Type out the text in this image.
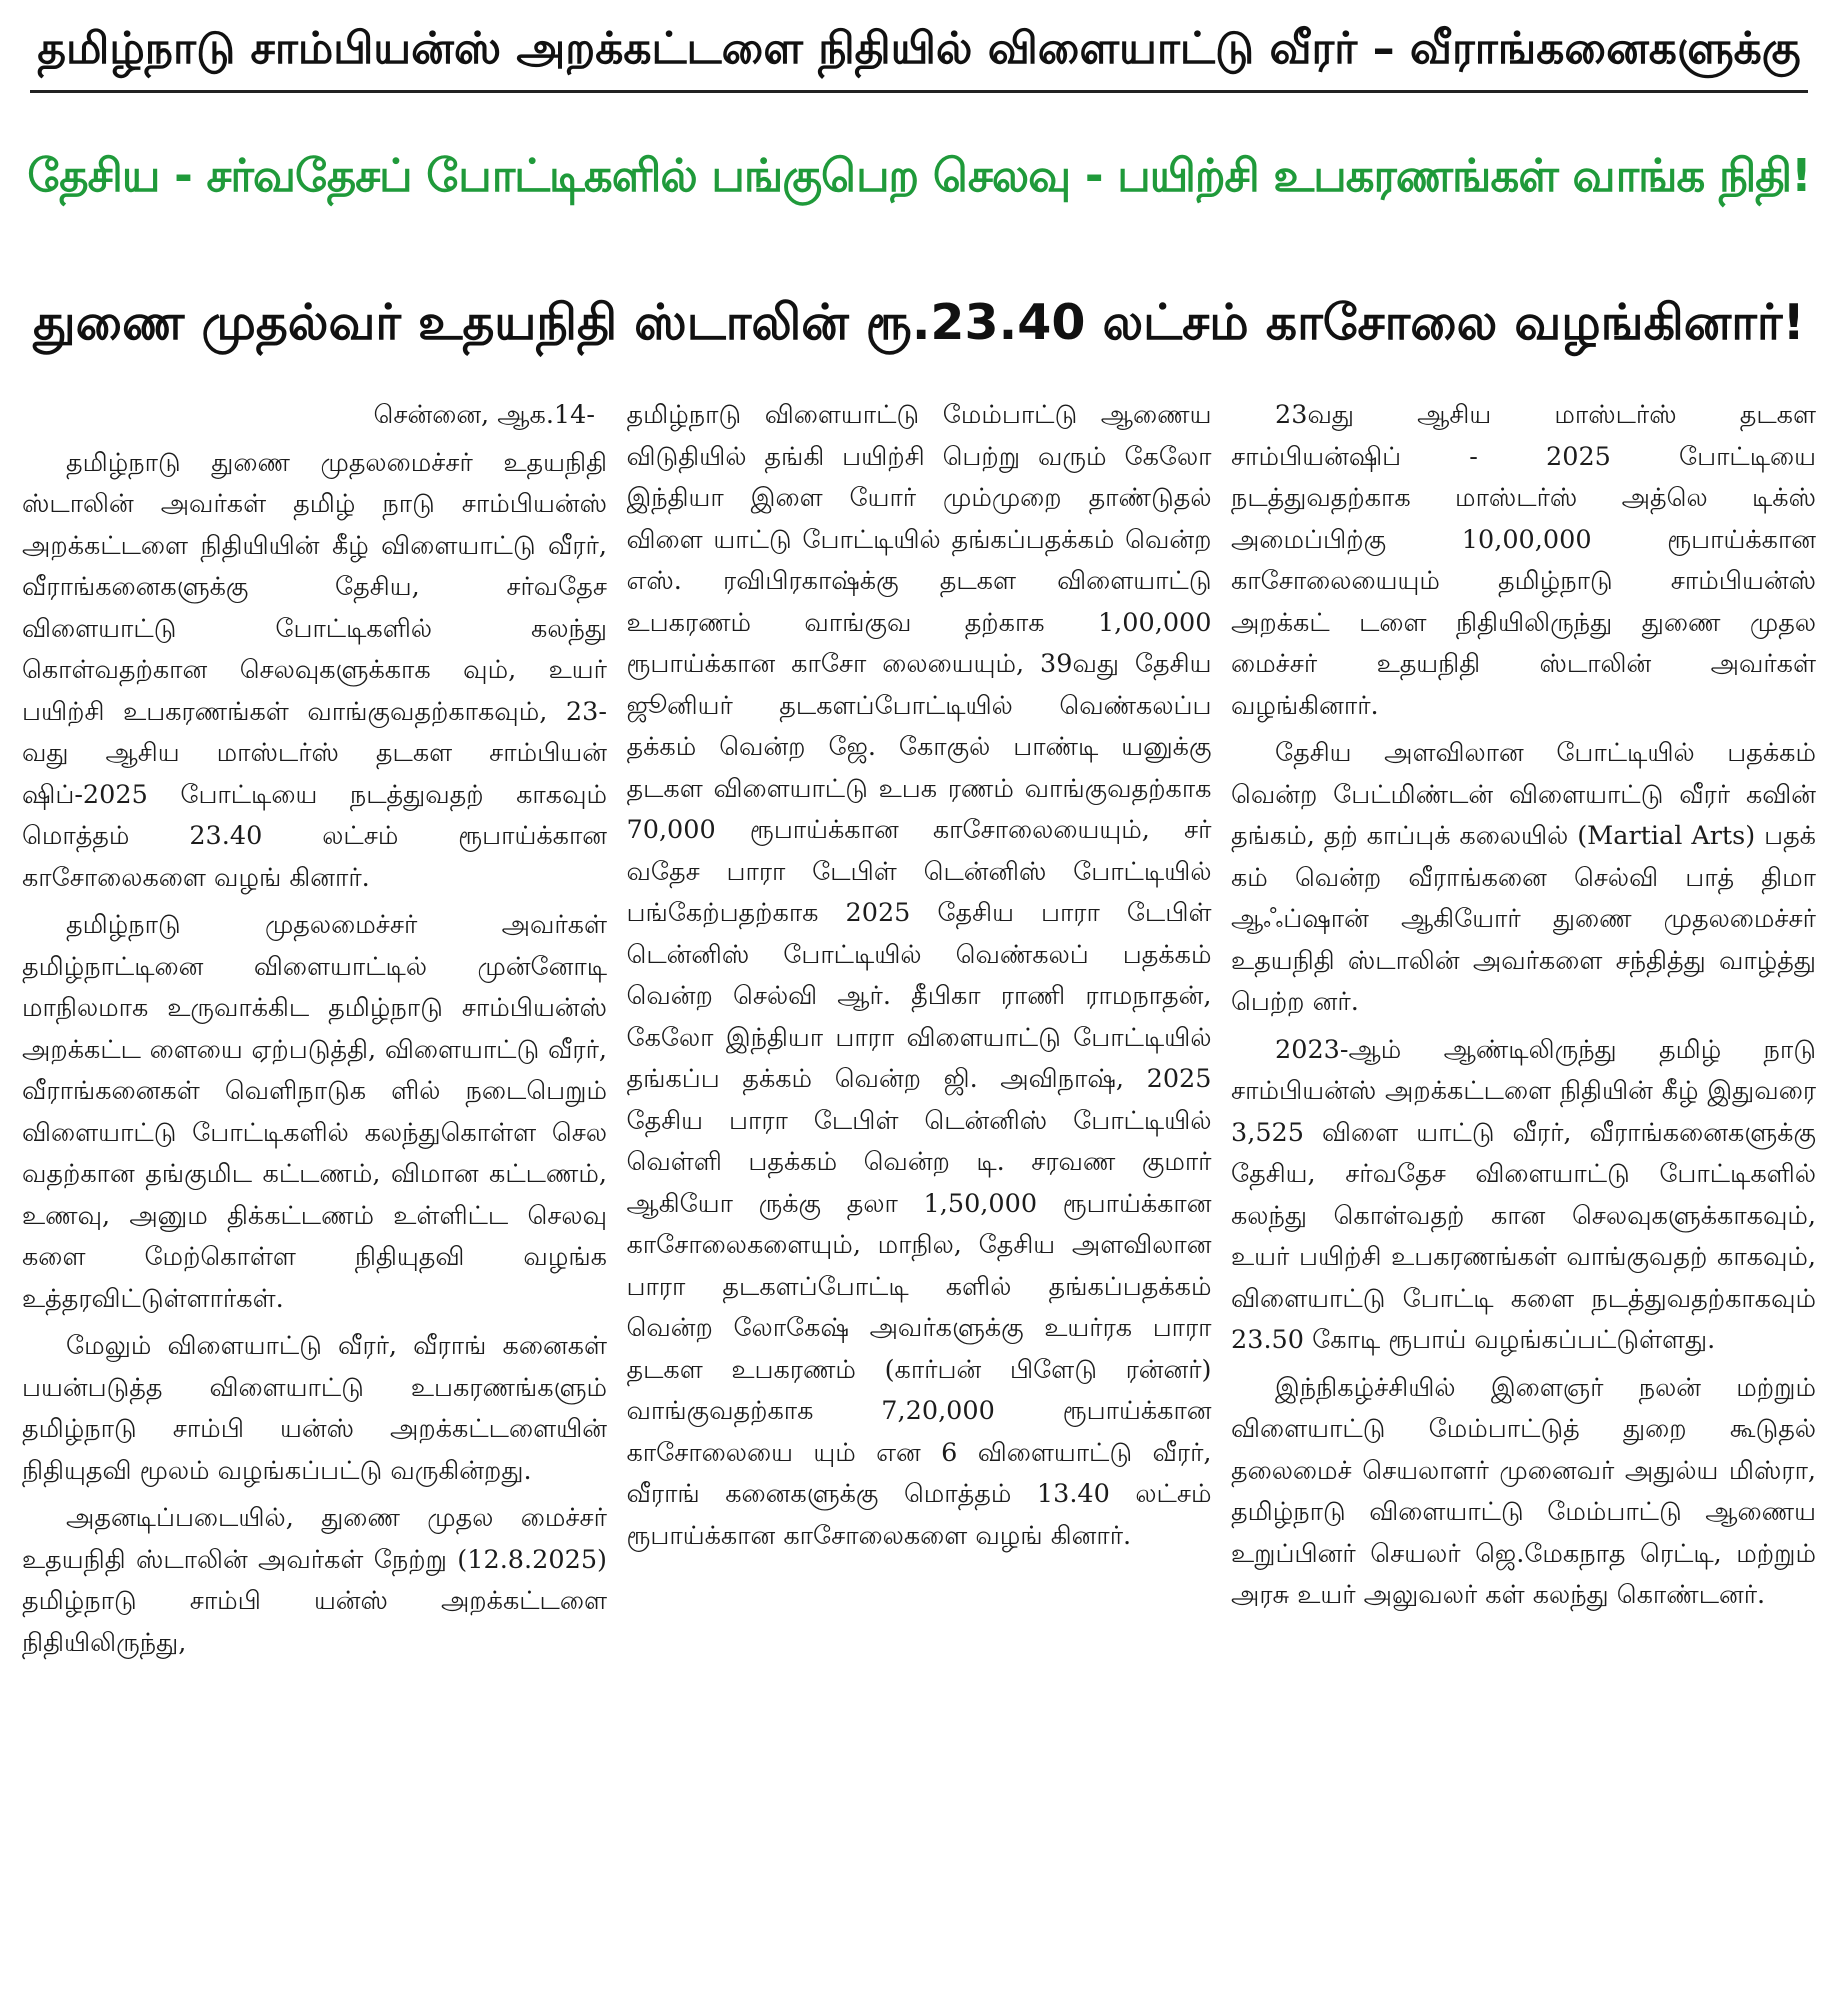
தமிழ்நாடு சாம்பியன்ஸ் அறக்கட்டளை நிதியில் விளையாட்டு வீரர் – வீராங்கனைகளுக்கு
தேசிய - சர்வதேசப் போட்டிகளில் பங்குபெற செலவு - பயிற்சி உபகரணங்கள் வாங்க நிதி!
துணை முதல்வர் உதயநிதி ஸ்டாலின் ரூ.23.40 லட்சம் காசோலை வழங்கினார்!

சென்னை, ஆக.14-

தமிழ்நாடு துணை முதலமைச்சர் உதயநிதி ஸ்டாலின் அவர்கள் தமிழ் நாடு சாம்பியன்ஸ் அறக்கட்டளை நிதியியின் கீழ் விளையாட்டு வீரர், வீராங்கனைகளுக்கு தேசிய, சர்வதேச விளையாட்டு போட்டிகளில் கலந்து கொள்வதற்கான செலவுகளுக்காக வும், உயர் பயிற்சி உபகரணங்கள் வாங்குவதற்காகவும், 23-வது ஆசிய மாஸ்டர்ஸ் தடகள சாம்பியன் ஷிப்-2025 போட்டியை நடத்துவதற் காகவும் மொத்தம் 23.40 லட்சம் ரூபாய்க்கான காசோலைகளை வழங் கினார்.

தமிழ்நாடு முதலமைச்சர் அவர்கள் தமிழ்நாட்டினை விளையாட்டில் முன்னோடி மாநிலமாக உருவாக்கிட தமிழ்நாடு சாம்பியன்ஸ் அறக்கட்ட ளையை ஏற்படுத்தி, விளையாட்டு வீரர், வீராங்கனைகள் வெளிநாடுக ளில் நடைபெறும் விளையாட்டு போட்டிகளில் கலந்துகொள்ள செல வதற்கான தங்குமிட கட்டணம், விமான கட்டணம், உணவு, அனும திக்கட்டணம் உள்ளிட்ட செலவு களை மேற்கொள்ள நிதியுதவி வழங்க உத்தரவிட்டுள்ளார்கள்.

மேலும் விளையாட்டு வீரர், வீராங் கனைகள் பயன்படுத்த விளையாட்டு உபகரணங்களும் தமிழ்நாடு சாம்பி யன்ஸ் அறக்கட்டளையின் நிதியுதவி மூலம் வழங்கப்பட்டு வருகின்றது.

அதனடிப்படையில், துணை முதல மைச்சர் உதயநிதி ஸ்டாலின் அவர்கள் நேற்று (12.8.2025) தமிழ்நாடு சாம்பி யன்ஸ் அறக்கட்டளை நிதியிலிருந்து,

தமிழ்நாடு விளையாட்டு மேம்பாட்டு ஆணைய விடுதியில் தங்கி பயிற்சி பெற்று வரும் கேலோ இந்தியா இளை யோர் மும்முறை தாண்டுதல் விளை யாட்டு போட்டியில் தங்கப்பதக்கம் வென்ற எஸ். ரவிபிரகாஷ்க்கு தடகள விளையாட்டு உபகரணம் வாங்குவ தற்காக 1,00,000 ரூபாய்க்கான காசோ லையையும், 39வது தேசிய ஜூனியர் தடகளப்போட்டியில் வெண்கலப்ப தக்கம் வென்ற ஜே. கோகுல் பாண்டி யனுக்கு தடகள விளையாட்டு உபக ரணம் வாங்குவதற்காக 70,000 ரூபாய்க்கான காசோலையையும், சர் வதேச பாரா டேபிள் டென்னிஸ் போட்டியில் பங்கேற்பதற்காக 2025 தேசிய பாரா டேபிள் டென்னிஸ் போட்டியில் வெண்கலப் பதக்கம் வென்ற செல்வி ஆர். தீபிகா ராணி ராமநாதன், கேலோ இந்தியா பாரா விளையாட்டு போட்டியில் தங்கப்ப தக்கம் வென்ற ஜி. அவிநாஷ், 2025 தேசிய பாரா டேபிள் டென்னிஸ் போட்டியில் வெள்ளி பதக்கம் வென்ற டி. சரவண குமார் ஆகியோ ருக்கு தலா 1,50,000 ரூபாய்க்கான காசோலைகளையும், மாநில, தேசிய அளவிலான பாரா தடகளப்போட்டி களில் தங்கப்பதக்கம் வென்ற லோகேஷ் அவர்களுக்கு உயர்ரக பாரா தடகள உபகரணம் (கார்பன் பிளேடு ரன்னர்) வாங்குவதற்காக 7,20,000 ரூபாய்க்கான காசோலையை யும் என 6 விளையாட்டு வீரர், வீராங் கனைகளுக்கு மொத்தம் 13.40 லட்சம் ரூபாய்க்கான காசோலைகளை வழங் கினார்.

23வது ஆசிய மாஸ்டர்ஸ் தடகள சாம்பியன்ஷிப் - 2025 போட்டியை நடத்துவதற்காக மாஸ்டர்ஸ் அத்லெ டிக்ஸ் அமைப்பிற்கு 10,00,000 ரூபாய்க்கான காசோலையையும் தமிழ்நாடு சாம்பியன்ஸ் அறக்கட் டளை நிதியிலிருந்து துணை முதல மைச்சர் உதயநிதி ஸ்டாலின் அவர்கள் வழங்கினார்.

தேசிய அளவிலான போட்டியில் பதக்கம் வென்ற பேட்மிண்டன் விளையாட்டு வீரர் கவின் தங்கம், தற் காப்புக் கலையில் (Martial Arts) பதக் கம் வென்ற வீராங்கனை செல்வி பாத் திமா ஆஃப்ஷான் ஆகியோர் துணை முதலமைச்சர் உதயநிதி ஸ்டாலின் அவர்களை சந்தித்து வாழ்த்து பெற்ற னர்.

2023-ஆம் ஆண்டிலிருந்து தமிழ் நாடு சாம்பியன்ஸ் அறக்கட்டளை நிதியின் கீழ் இதுவரை 3,525 விளை யாட்டு வீரர், வீராங்கனைகளுக்கு தேசிய, சர்வதேச விளையாட்டு போட்டிகளில் கலந்து கொள்வதற் கான செலவுகளுக்காகவும், உயர் பயிற்சி உபகரணங்கள் வாங்குவதற் காகவும், விளையாட்டு போட்டி களை நடத்துவதற்காகவும் 23.50 கோடி ரூபாய் வழங்கப்பட்டுள்ளது.

இந்நிகழ்ச்சியில் இளைஞர் நலன் மற்றும் விளையாட்டு மேம்பாட்டுத் துறை கூடுதல் தலைமைச் செயலாளர் முனைவர் அதுல்ய மிஸ்ரா, தமிழ்நாடு விளையாட்டு மேம்பாட்டு ஆணைய உறுப்பினர் செயலர் ஜெ.மேகநாத ரெட்டி, மற்றும் அரசு உயர் அலுவலர் கள் கலந்து கொண்டனர்.
